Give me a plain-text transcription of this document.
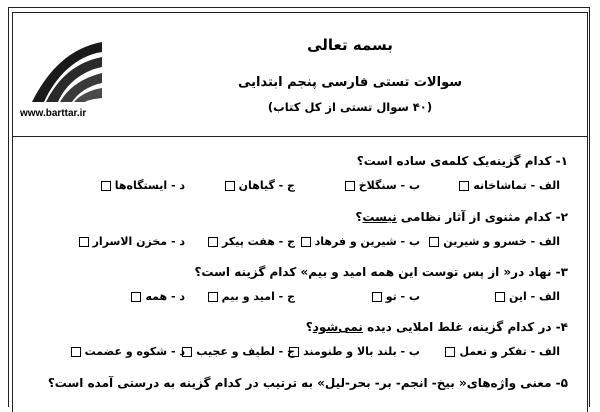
www.barttar.ir
بسمه تعالی
سوالات تستی فارسی پنجم ابتدایی
(۴۰ سوال تستی از کل کتاب)
۱- کدام گزینه‌یک کلمه‌ی ساده است؟
الف - تماشاخانه
ب - سنگلاخ
ج - گیاهان
د - ایستگاه‌ها
۲- کدام مثنوی از آثار نظامی نیست؟
الف - خسرو و شیرین
ب - شیرین و فرهاد
ج - هفت پیکر
د - مخزن الاسرار
۳- نهاد در« از پس توست این همه امید و بیم» کدام گزینه است؟
الف - این
ب - تو
ج - امید و بیم
د - همه
۴- در کدام گزینه، غلط املایی دیده نمی‌شود؟
الف - تفکر و تعمل
ب - بلند بالا و طنومند
ج - لطیف و عجیب
د - شکوه و عضمت
۵- معنی واژه‌های« بیخ- انجم- بر- بحر-لیل» به ترتیب در کدام گزینه به درستی آمده است؟
